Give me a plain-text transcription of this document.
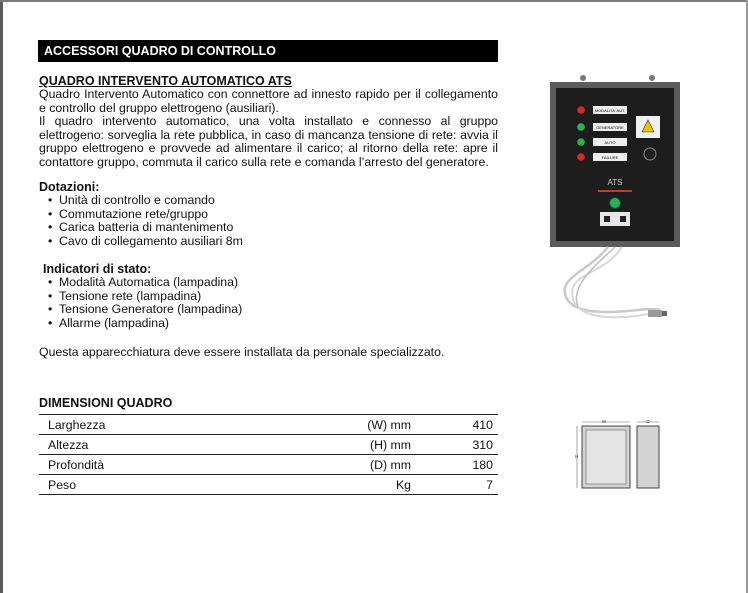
ACCESSORI QUADRO DI CONTROLLO
QUADRO INTERVENTO AUTOMATICO ATS

Quadro Intervento Automatico con connettore ad innesto rapido per il collegamento e controllo del gruppo elettrogeno (ausiliari).

Il quadro intervento automatico, una volta installato e connesso al gruppo elettrogeno: sorveglia la rete pubblica, in caso di mancanza tensione di rete: avvia il gruppo elettrogeno e provvede ad alimentare il carico; al ritorno della rete: apre il contattore gruppo, commuta il carico sulla rete e comanda l’arresto del generatore.

Dotazioni:
• Unità di controllo e comando
• Commutazione rete/gruppo
• Carica batteria di mantenimento
• Cavo di collegamento ausiliari 8m
Indicatori di stato:
• Modalità Automatica (lampadina)
• Tensione rete (lampadina)
• Tensione Generatore (lampadina)
• Allarme (lampadina)
Questa apparecchiatura deve essere installata da personale specializzato.
DIMENSIONI QUADRO
Larghezza	(W) mm	410
Altezza	(H) mm	310
Profondità	(D) mm	180
Peso	Kg	7
MODALITA' AUT.
GENERATORE
AUTO
FAILURE
ATS
W
H
D
